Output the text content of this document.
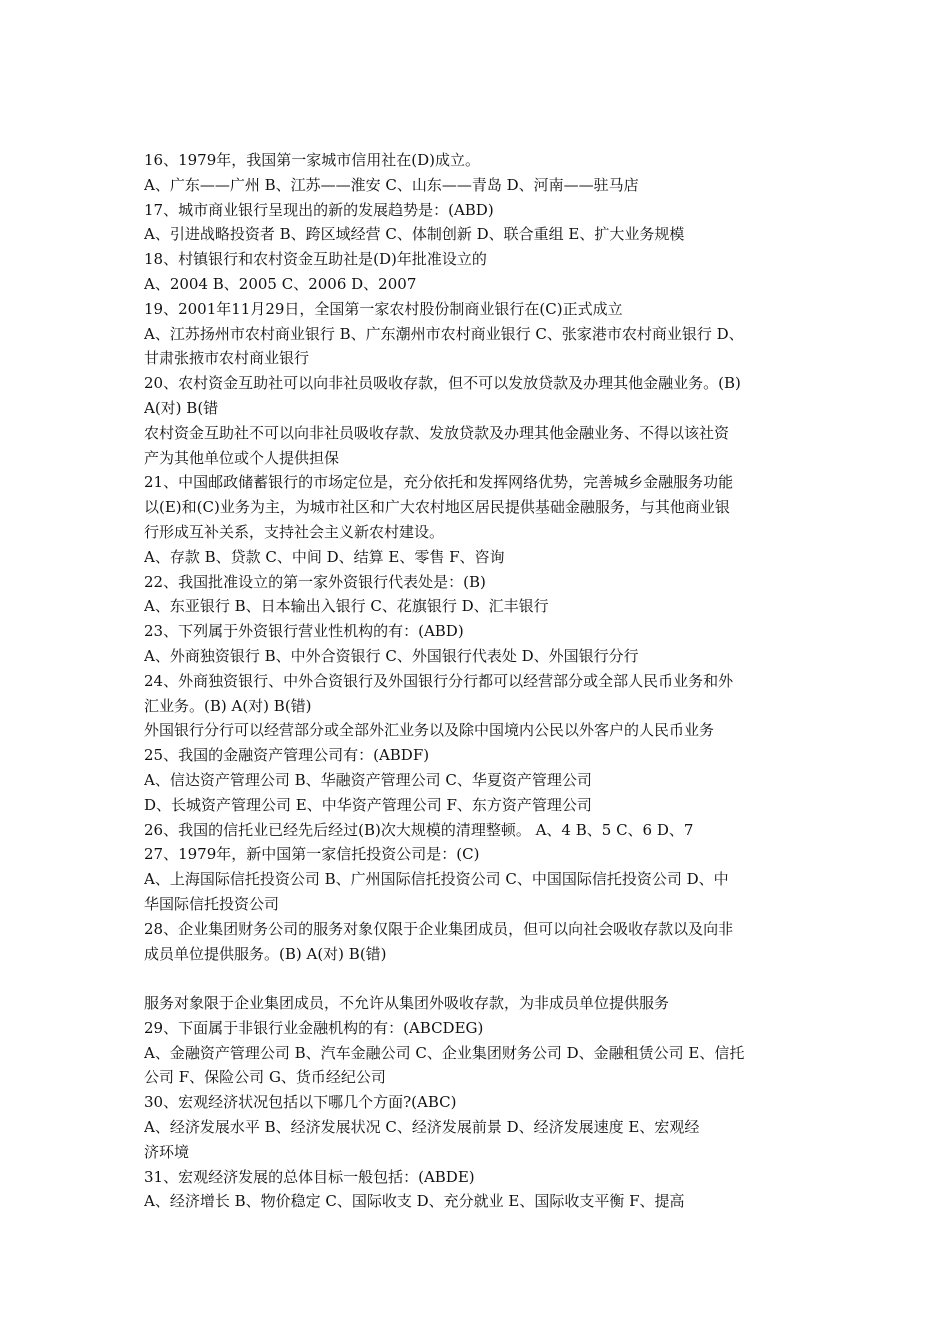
16、1979年，我国第一家城市信用社在(D)成立。
A、广东——广州 B、江苏——淮安 C、山东——青岛 D、河南——驻马店
17、城市商业银行呈现出的新的发展趋势是：(ABD)
A、引进战略投资者 B、跨区域经营 C、体制创新 D、联合重组 E、扩大业务规模
18、村镇银行和农村资金互助社是(D)年批准设立的
A、2004 B、2005 C、2006 D、2007
19、2001年11月29日，全国第一家农村股份制商业银行在(C)正式成立
A、江苏扬州市农村商业银行 B、广东潮州市农村商业银行 C、张家港市农村商业银行 D、
甘肃张掖市农村商业银行
20、农村资金互助社可以向非社员吸收存款，但不可以发放贷款及办理其他金融业务。(B)
A(对) B(错
农村资金互助社不可以向非社员吸收存款、发放贷款及办理其他金融业务、不得以该社资
产为其他单位或个人提供担保
21、中国邮政储蓄银行的市场定位是，充分依托和发挥网络优势，完善城乡金融服务功能
以(E)和(C)业务为主，为城市社区和广大农村地区居民提供基础金融服务，与其他商业银
行形成互补关系，支持社会主义新农村建设。
A、存款 B、贷款 C、中间 D、结算 E、零售 F、咨询
22、我国批准设立的第一家外资银行代表处是：(B)
A、东亚银行 B、日本输出入银行 C、花旗银行 D、汇丰银行
23、下列属于外资银行营业性机构的有：(ABD)
A、外商独资银行 B、中外合资银行 C、外国银行代表处 D、外国银行分行
24、外商独资银行、中外合资银行及外国银行分行都可以经营部分或全部人民币业务和外
汇业务。(B) A(对) B(错)
外国银行分行可以经营部分或全部外汇业务以及除中国境内公民以外客户的人民币业务
25、我国的金融资产管理公司有：(ABDF)
A、信达资产管理公司 B、华融资产管理公司 C、华夏资产管理公司
D、长城资产管理公司 E、中华资产管理公司 F、东方资产管理公司
26、我国的信托业已经先后经过(B)次大规模的清理整顿。 A、4 B、5 C、6 D、7
27、1979年，新中国第一家信托投资公司是：(C)
A、上海国际信托投资公司 B、广州国际信托投资公司 C、中国国际信托投资公司 D、中
华国际信托投资公司
28、企业集团财务公司的服务对象仅限于企业集团成员，但可以向社会吸收存款以及向非
成员单位提供服务。(B) A(对) B(错)
服务对象限于企业集团成员，不允许从集团外吸收存款，为非成员单位提供服务
29、下面属于非银行业金融机构的有：(ABCDEG)
A、金融资产管理公司 B、汽车金融公司 C、企业集团财务公司 D、金融租赁公司 E、信托
公司 F、保险公司 G、货币经纪公司
30、宏观经济状况包括以下哪几个方面?(ABC)
A、经济发展水平 B、经济发展状况 C、经济发展前景 D、经济发展速度 E、宏观经
济环境
31、宏观经济发展的总体目标一般包括：(ABDE)
A、经济增长 B、物价稳定 C、国际收支 D、充分就业 E、国际收支平衡 F、提高
